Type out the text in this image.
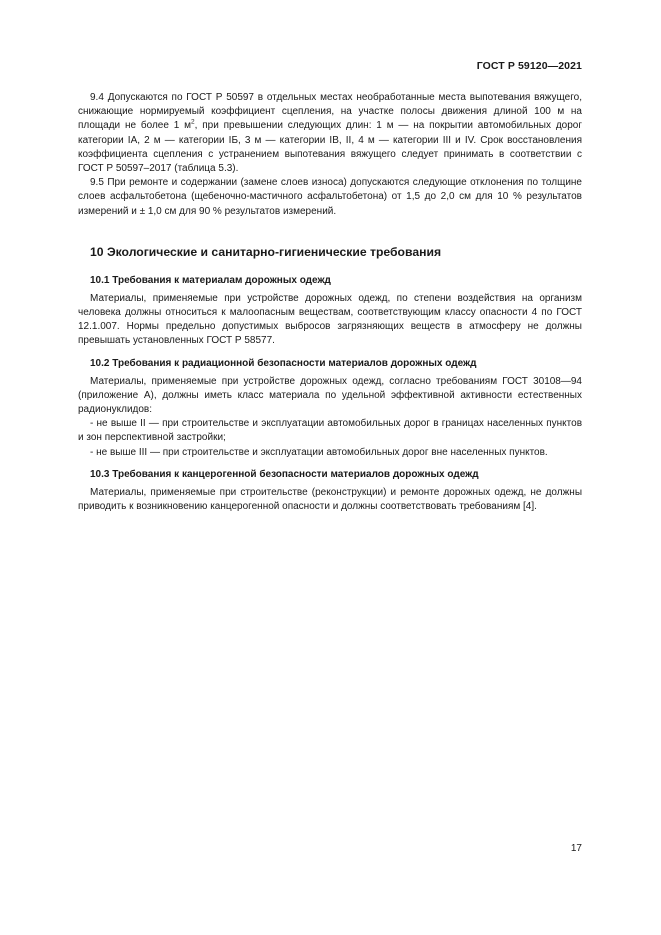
ГОСТ Р 59120—2021

9.4 Допускаются по ГОСТ Р 50597 в отдельных местах необработанные места выпотевания вяжущего, снижающие нормируемый коэффициент сцепления, на участке полосы движения длиной 100 м на площади не более 1 $м^2$, при превышении следующих длин: 1 м — на покрытии автомобильных дорог категории IA, 2 м — категории IБ, 3 м — категории IB, II, 4 м — категории III и IV. Срок восстановления коэффициента сцепления с устранением выпотевания вяжущего следует принимать в соответствии с ГОСТ Р 50597–2017 (таблица 5.3).

9.5 При ремонте и содержании (замене слоев износа) допускаются следующие отклонения по толщине слоев асфальтобетона (щебеночно-мастичного асфальтобетона) от 1,5 до 2,0 см для 10 % результатов измерений и ± 1,0 см для 90 % результатов измерений.

10 Экологические и санитарно-гигиенические требования
10.1 Требования к материалам дорожных одежд

Материалы, применяемые при устройстве дорожных одежд, по степени воздействия на организм человека должны относиться к малоопасным веществам, соответствующим классу опасности 4 по ГОСТ 12.1.007. Нормы предельно допустимых выбросов загрязняющих веществ в атмосферу не должны превышать установленных ГОСТ Р 58577.

10.2 Требования к радиационной безопасности материалов дорожных одежд

Материалы, применяемые при устройстве дорожных одежд, согласно требованиям ГОСТ 30108—94 (приложение А), должны иметь класс материала по удельной эффективной активности естественных радионуклидов:

- не выше II — при строительстве и эксплуатации автомобильных дорог в границах населенных пунктов и зон перспективной застройки;

- не выше III — при строительстве и эксплуатации автомобильных дорог вне населенных пунктов.

10.3 Требования к канцерогенной безопасности материалов дорожных одежд

Материалы, применяемые при строительстве (реконструкции) и ремонте дорожных одежд, не должны приводить к возникновению канцерогенной опасности и должны соответствовать требованиям [4].

17
